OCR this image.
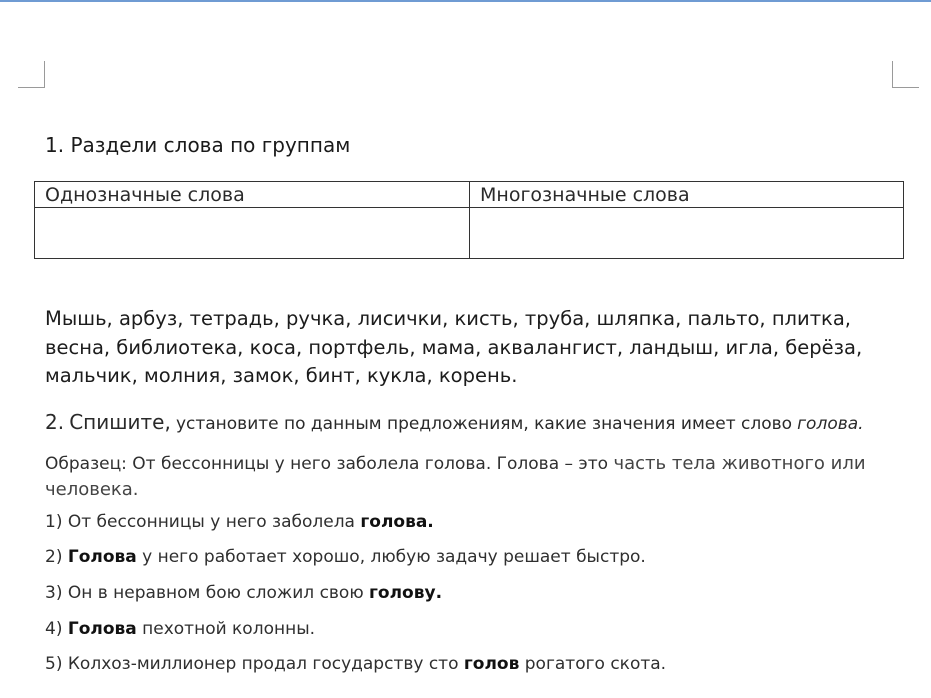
1. Раздели слова по группам
Однозначные слова	Многозначные слова

Мышь, арбуз, тетрадь, ручка, лисички, кисть, труба, шляпка, пальто, плитка, весна, библиотека, коса, портфель, мама, аквалангист, ландыш, игла, берёза, мальчик, молния, замок, бинт, кукла, корень.
2. Спишите, установите по данным предложениям, какие значения имеет слово голова.
Образец: От бессонницы у него заболела голова. Голова – это часть тела животного или человека.
1) От бессонницы у него заболела голова.
2) Голова у него работает хорошо, любую задачу решает быстро.
3) Он в неравном бою сложил свою голову.
4) Голова пехотной колонны.
5) Колхоз-миллионер продал государству сто голов рогатого скота.
